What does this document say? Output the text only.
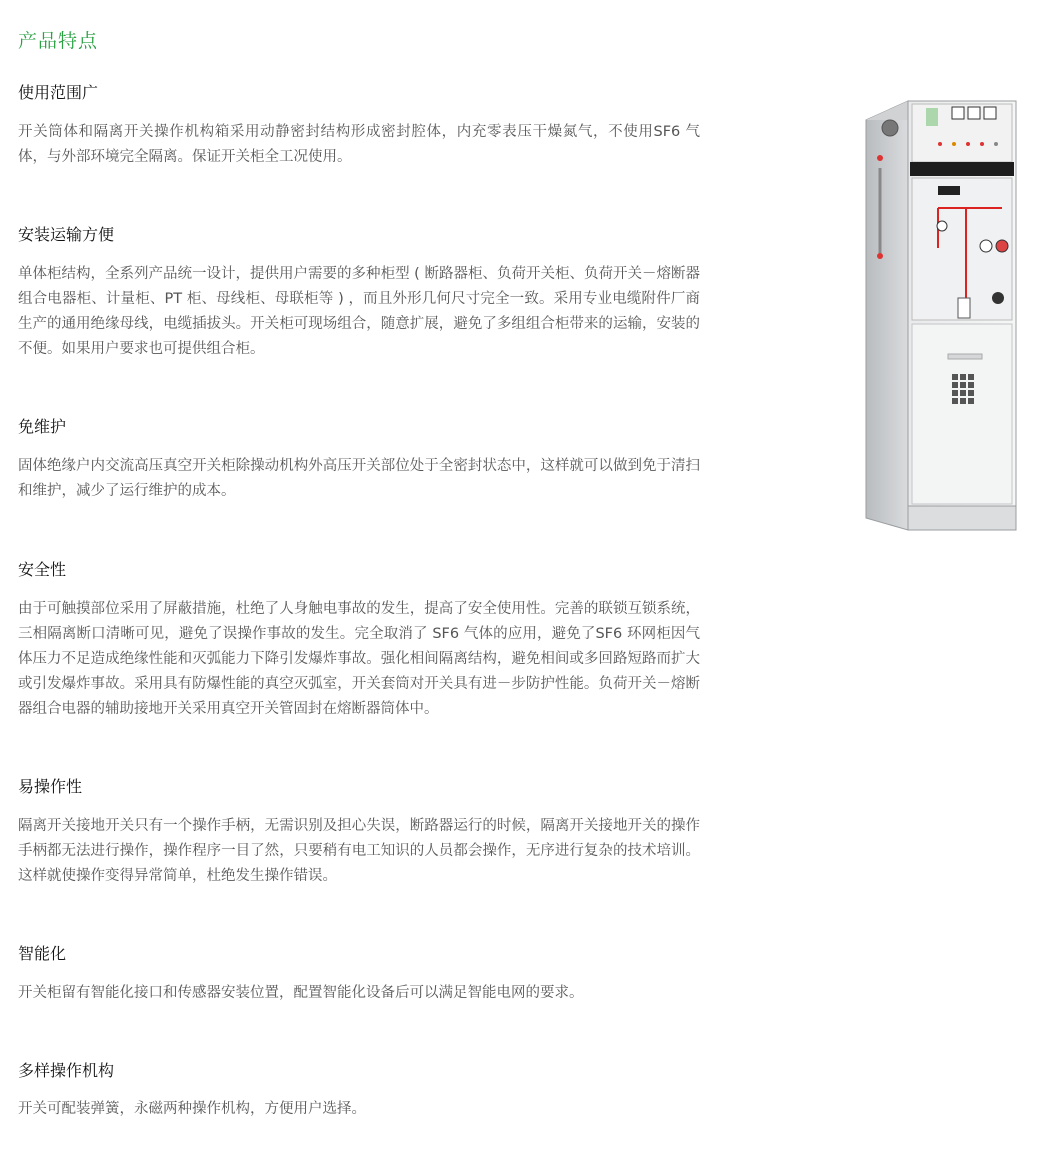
产品特点
使用范围广
开关筒体和隔离开关操作机构箱采用动静密封结构形成密封腔体，内充零表压干燥氮气，不使用SF6 气体，与外部环境完全隔离。保证开关柜全工况使用。
安装运输方便
单体柜结构，全系列产品统一设计，提供用户需要的多种柜型 ( 断路器柜、负荷开关柜、负荷开关－熔断器组合电器柜、计量柜、PT 柜、母线柜、母联柜等 ) ，而且外形几何尺寸完全一致。采用专业电缆附件厂商生产的通用绝缘母线，电缆插拔头。开关柜可现场组合，随意扩展，避免了多组组合柜带来的运输，安装的不便。如果用户要求也可提供组合柜。
免维护
固体绝缘户内交流高压真空开关柜除操动机构外高压开关部位处于全密封状态中，这样就可以做到免于清扫和维护，减少了运行维护的成本。
安全性
由于可触摸部位采用了屏蔽措施，杜绝了人身触电事故的发生，提高了安全使用性。完善的联锁互锁系统，三相隔离断口清晰可见，避免了误操作事故的发生。完全取消了 SF6 气体的应用，避免了SF6 环网柜因气体压力不足造成绝缘性能和灭弧能力下降引发爆炸事故。强化相间隔离结构，避免相间或多回路短路而扩大或引发爆炸事故。采用具有防爆性能的真空灭弧室，开关套筒对开关具有进－步防护性能。负荷开关－熔断器组合电器的辅助接地开关采用真空开关管固封在熔断器筒体中。
易操作性
隔离开关接地开关只有一个操作手柄，无需识别及担心失误，断路器运行的时候，隔离开关接地开关的操作手柄都无法进行操作，操作程序一目了然，只要稍有电工知识的人员都会操作，无序进行复杂的技术培训。这样就使操作变得异常简单，杜绝发生操作错误。
智能化
开关柜留有智能化接口和传感器安装位置，配置智能化设备后可以满足智能电网的要求。
多样操作机构
开关可配装弹簧，永磁两种操作机构，方便用户选择。
